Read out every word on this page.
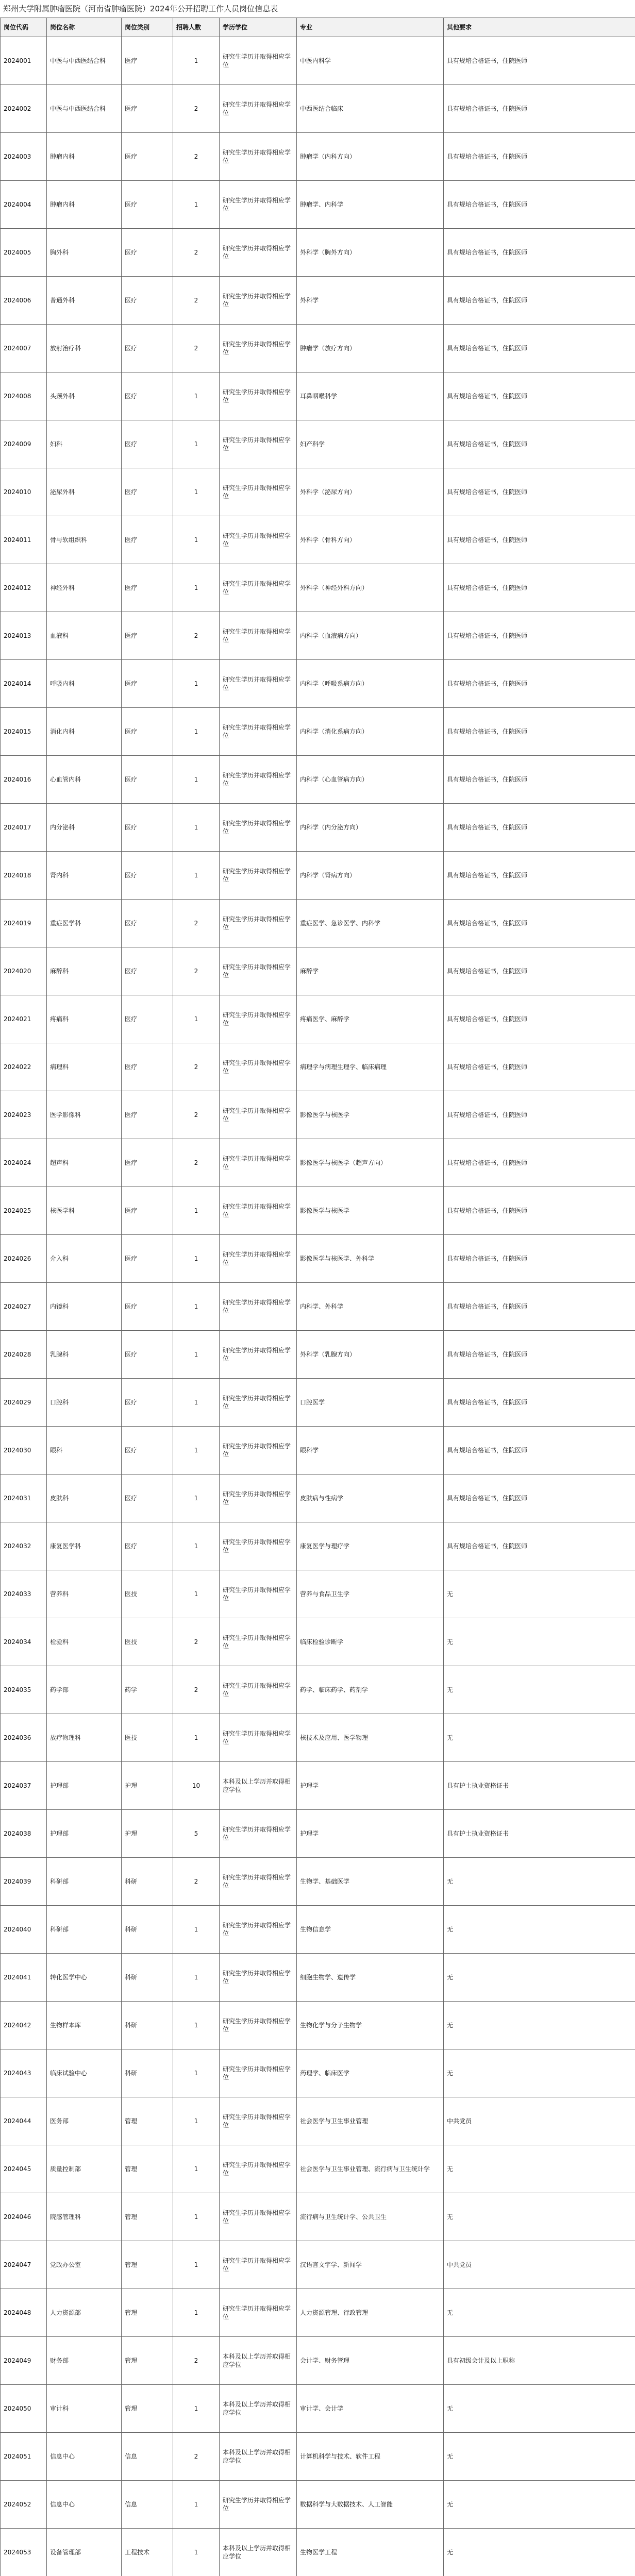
郑州大学附属肿瘤医院（河南省肿瘤医院）2024年公开招聘工作人员岗位信息表
岗位代码	岗位名称	岗位类别	招聘人数	学历学位	专业	其他要求
2024001	中医与中西医结合科	医疗	1	研究生学历并取得相应学位	中医内科学	具有规培合格证书，住院医师
2024002	中医与中西医结合科	医疗	2	研究生学历并取得相应学位	中西医结合临床	具有规培合格证书，住院医师
2024003	肿瘤内科	医疗	2	研究生学历并取得相应学位	肿瘤学（内科方向）	具有规培合格证书，住院医师
2024004	肿瘤内科	医疗	1	研究生学历并取得相应学位	肿瘤学、内科学	具有规培合格证书，住院医师
2024005	胸外科	医疗	2	研究生学历并取得相应学位	外科学（胸外方向）	具有规培合格证书，住院医师
2024006	普通外科	医疗	2	研究生学历并取得相应学位	外科学	具有规培合格证书，住院医师
2024007	放射治疗科	医疗	2	研究生学历并取得相应学位	肿瘤学（放疗方向）	具有规培合格证书，住院医师
2024008	头颈外科	医疗	1	研究生学历并取得相应学位	耳鼻咽喉科学	具有规培合格证书，住院医师
2024009	妇科	医疗	1	研究生学历并取得相应学位	妇产科学	具有规培合格证书，住院医师
2024010	泌尿外科	医疗	1	研究生学历并取得相应学位	外科学（泌尿方向）	具有规培合格证书，住院医师
2024011	骨与软组织科	医疗	1	研究生学历并取得相应学位	外科学（骨科方向）	具有规培合格证书，住院医师
2024012	神经外科	医疗	1	研究生学历并取得相应学位	外科学（神经外科方向）	具有规培合格证书，住院医师
2024013	血液科	医疗	2	研究生学历并取得相应学位	内科学（血液病方向）	具有规培合格证书，住院医师
2024014	呼吸内科	医疗	1	研究生学历并取得相应学位	内科学（呼吸系病方向）	具有规培合格证书，住院医师
2024015	消化内科	医疗	1	研究生学历并取得相应学位	内科学（消化系病方向）	具有规培合格证书，住院医师
2024016	心血管内科	医疗	1	研究生学历并取得相应学位	内科学（心血管病方向）	具有规培合格证书，住院医师
2024017	内分泌科	医疗	1	研究生学历并取得相应学位	内科学（内分泌方向）	具有规培合格证书，住院医师
2024018	肾内科	医疗	1	研究生学历并取得相应学位	内科学（肾病方向）	具有规培合格证书，住院医师
2024019	重症医学科	医疗	2	研究生学历并取得相应学位	重症医学、急诊医学、内科学	具有规培合格证书，住院医师
2024020	麻醉科	医疗	2	研究生学历并取得相应学位	麻醉学	具有规培合格证书，住院医师
2024021	疼痛科	医疗	1	研究生学历并取得相应学位	疼痛医学、麻醉学	具有规培合格证书，住院医师
2024022	病理科	医疗	2	研究生学历并取得相应学位	病理学与病理生理学、临床病理	具有规培合格证书，住院医师
2024023	医学影像科	医疗	2	研究生学历并取得相应学位	影像医学与核医学	具有规培合格证书，住院医师
2024024	超声科	医疗	2	研究生学历并取得相应学位	影像医学与核医学（超声方向）	具有规培合格证书，住院医师
2024025	核医学科	医疗	1	研究生学历并取得相应学位	影像医学与核医学	具有规培合格证书，住院医师
2024026	介入科	医疗	1	研究生学历并取得相应学位	影像医学与核医学、外科学	具有规培合格证书，住院医师
2024027	内镜科	医疗	1	研究生学历并取得相应学位	内科学、外科学	具有规培合格证书，住院医师
2024028	乳腺科	医疗	1	研究生学历并取得相应学位	外科学（乳腺方向）	具有规培合格证书，住院医师
2024029	口腔科	医疗	1	研究生学历并取得相应学位	口腔医学	具有规培合格证书，住院医师
2024030	眼科	医疗	1	研究生学历并取得相应学位	眼科学	具有规培合格证书，住院医师
2024031	皮肤科	医疗	1	研究生学历并取得相应学位	皮肤病与性病学	具有规培合格证书，住院医师
2024032	康复医学科	医疗	1	研究生学历并取得相应学位	康复医学与理疗学	具有规培合格证书，住院医师
2024033	营养科	医技	1	研究生学历并取得相应学位	营养与食品卫生学	无
2024034	检验科	医技	2	研究生学历并取得相应学位	临床检验诊断学	无
2024035	药学部	药学	2	研究生学历并取得相应学位	药学、临床药学、药剂学	无
2024036	放疗物理科	医技	1	研究生学历并取得相应学位	核技术及应用、医学物理	无
2024037	护理部	护理	10	本科及以上学历并取得相应学位	护理学	具有护士执业资格证书
2024038	护理部	护理	5	研究生学历并取得相应学位	护理学	具有护士执业资格证书
2024039	科研部	科研	2	研究生学历并取得相应学位	生物学、基础医学	无
2024040	科研部	科研	1	研究生学历并取得相应学位	生物信息学	无
2024041	转化医学中心	科研	1	研究生学历并取得相应学位	细胞生物学、遗传学	无
2024042	生物样本库	科研	1	研究生学历并取得相应学位	生物化学与分子生物学	无
2024043	临床试验中心	科研	1	研究生学历并取得相应学位	药理学、临床医学	无
2024044	医务部	管理	1	研究生学历并取得相应学位	社会医学与卫生事业管理	中共党员
2024045	质量控制部	管理	1	研究生学历并取得相应学位	社会医学与卫生事业管理、流行病与卫生统计学	无
2024046	院感管理科	管理	1	研究生学历并取得相应学位	流行病与卫生统计学、公共卫生	无
2024047	党政办公室	管理	1	研究生学历并取得相应学位	汉语言文字学、新闻学	中共党员
2024048	人力资源部	管理	1	研究生学历并取得相应学位	人力资源管理、行政管理	无
2024049	财务部	管理	2	本科及以上学历并取得相应学位	会计学、财务管理	具有初级会计及以上职称
2024050	审计科	管理	1	本科及以上学历并取得相应学位	审计学、会计学	无
2024051	信息中心	信息	2	本科及以上学历并取得相应学位	计算机科学与技术、软件工程	无
2024052	信息中心	信息	1	研究生学历并取得相应学位	数据科学与大数据技术、人工智能	无
2024053	设备管理部	工程技术	1	本科及以上学历并取得相应学位	生物医学工程	无
